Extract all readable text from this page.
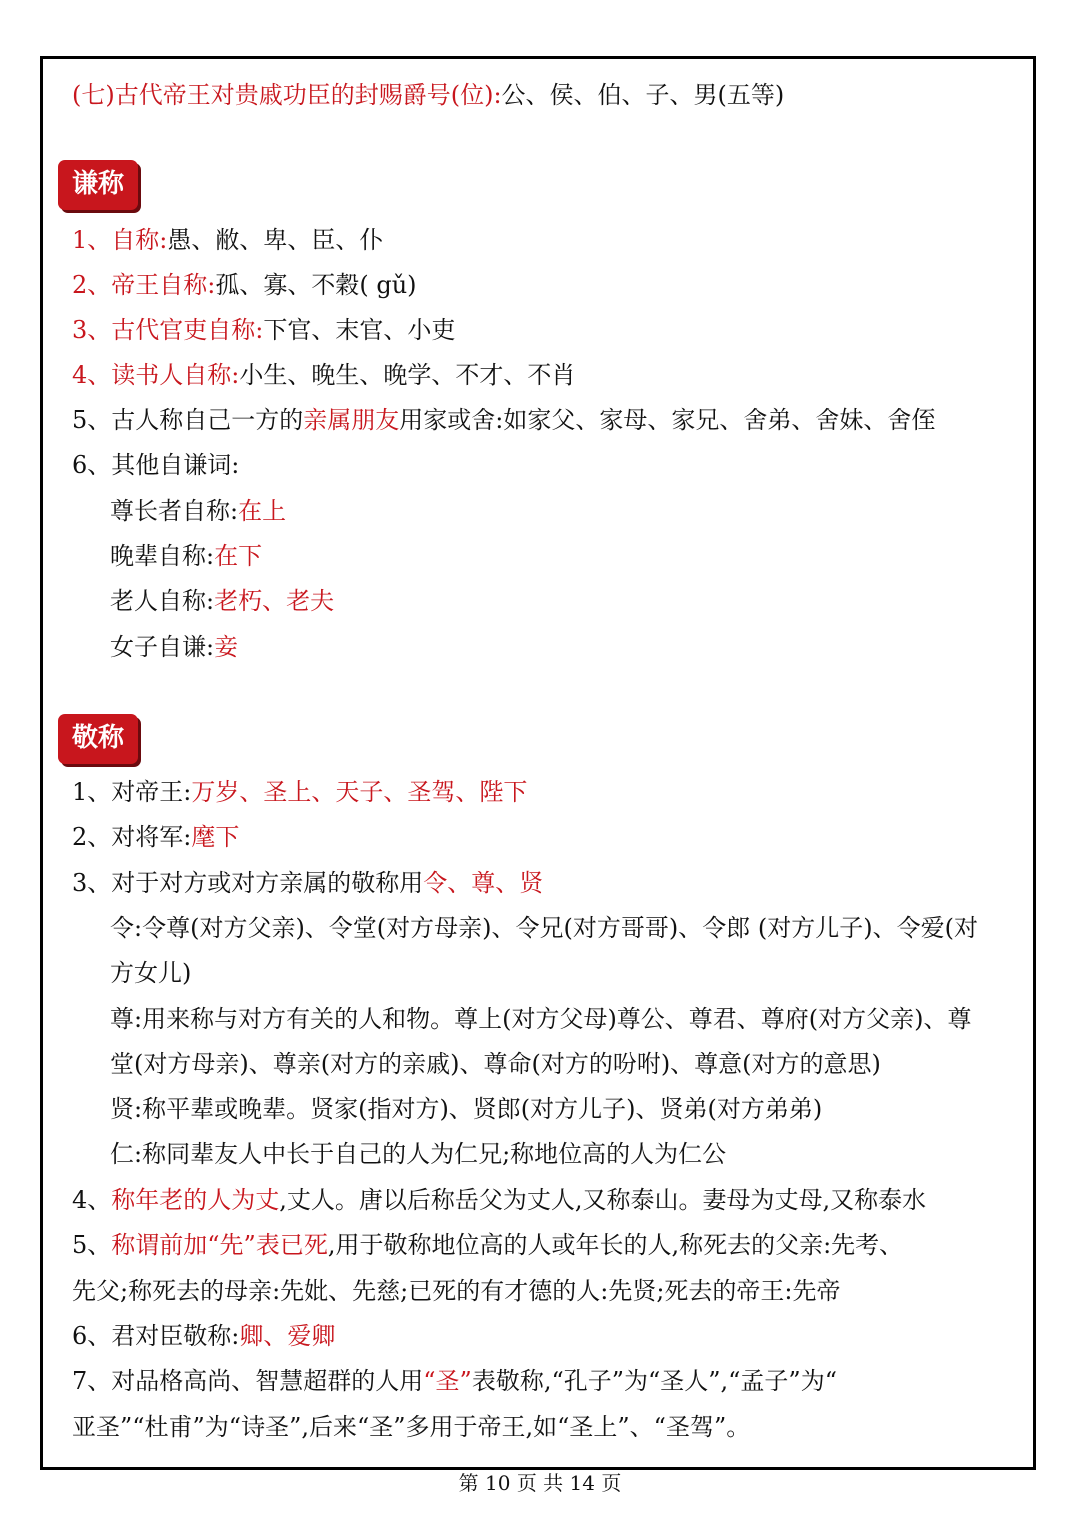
(七)古代帝王对贵戚功臣的封赐爵号(位):公、侯、伯、子、男(五等)
谦称
1、自称:愚、敝、卑、臣、仆
2、帝王自称:孤、寡、不穀( gǔ)
3、古代官吏自称:下官、末官、小吏
4、读书人自称:小生、晚生、晚学、不才、不肖
5、古人称自己一方的亲属朋友用家或舍:如家父、家母、家兄、舍弟、舍妹、舍侄
6、其他自谦词:
尊长者自称:在上
晚辈自称:在下
老人自称:老朽、老夫
女子自谦:妾
敬称
1、对帝王:万岁、圣上、天子、圣驾、陛下
2、对将军:麾下
3、对于对方或对方亲属的敬称用令、尊、贤
令:令尊(对方父亲)、令堂(对方母亲)、令兄(对方哥哥)、令郎 (对方儿子)、令爱(对
方女儿)
尊:用来称与对方有关的人和物。尊上(对方父母)尊公、尊君、尊府(对方父亲)、尊
堂(对方母亲)、尊亲(对方的亲戚)、尊命(对方的吩咐)、尊意(对方的意思)
贤:称平辈或晚辈。贤家(指对方)、贤郎(对方儿子)、贤弟(对方弟弟)
仁:称同辈友人中长于自己的人为仁兄;称地位高的人为仁公
4、称年老的人为丈,丈人。唐以后称岳父为丈人,又称泰山。妻母为丈母,又称泰水
5、称谓前加“先”表已死,用于敬称地位高的人或年长的人,称死去的父亲:先考、
先父;称死去的母亲:先妣、先慈;已死的有才德的人:先贤;死去的帝王:先帝
6、君对臣敬称:卿、爱卿
7、对品格高尚、智慧超群的人用“圣”表敬称,“孔子”为“圣人”,“孟子”为“
亚圣”“杜甫”为“诗圣”,后来“圣”多用于帝王,如“圣上”、“圣驾”。
第 10 页 共 14 页
